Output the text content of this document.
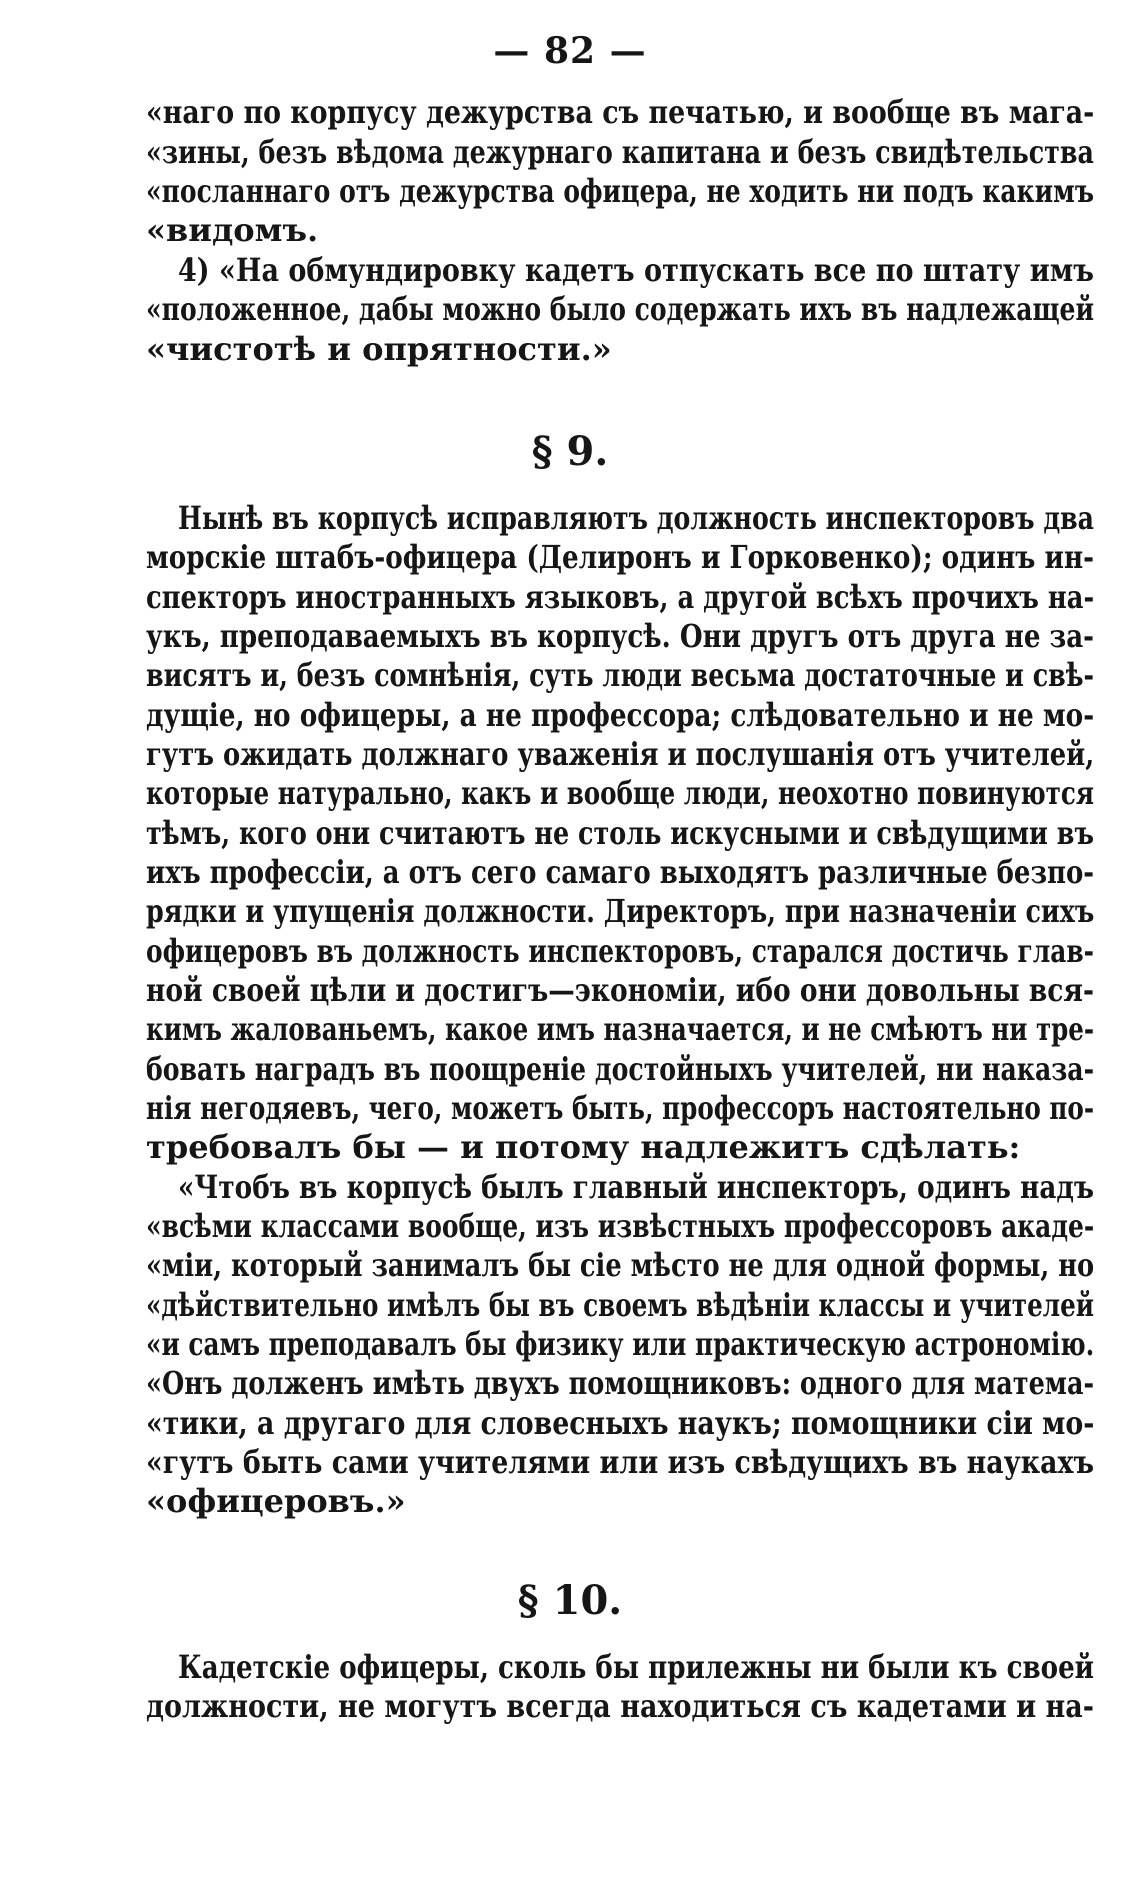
— 82 —
«наго по корпусу дежурства съ печатью, и вообще въ мага-
«зины, безъ вѣдома дежурнаго капитана и безъ свидѣтельства
«посланнаго отъ дежурства офицера, не ходить ни подъ какимъ
«видомъ.
4) «На обмундировку кадетъ отпускать все по штату имъ
«положенное, дабы можно было содержать ихъ въ надлежащей
«чистотѣ и опрятности.»
§ 9.
Нынѣ въ корпусѣ исправляютъ должность инспекторовъ два
морскіе штабъ-офицера (Делиронъ и Горковенко); одинъ ин-
спекторъ иностранныхъ языковъ, а другой всѣхъ прочихъ на-
укъ, преподаваемыхъ въ корпусѣ. Они другъ отъ друга не за-
висятъ и, безъ сомнѣнія, суть люди весьма достаточные и свѣ-
дущіе, но офицеры, а не профессора; слѣдовательно и не мо-
гутъ ожидать должнаго уваженія и послушанія отъ учителей,
которые натурально, какъ и вообще люди, неохотно повинуются
тѣмъ, кого они считаютъ не столь искусными и свѣдущими въ
ихъ профессіи, а отъ сего самаго выходятъ различные безпо-
рядки и упущенія должности. Директоръ, при назначеніи сихъ
офицеровъ въ должность инспекторовъ, старался достичь глав-
ной своей цѣли и достигъ—экономіи, ибо они довольны вся-
кимъ жалованьемъ, какое имъ назначается, и не смѣютъ ни тре-
бовать наградъ въ поощреніе достойныхъ учителей, ни наказа-
нія негодяевъ, чего, можетъ быть, профессоръ настоятельно по-
требовалъ бы — и потому надлежитъ сдѣлать:
«Чтобъ въ корпусѣ былъ главный инспекторъ, одинъ надъ
«всѣми классами вообще, изъ извѣстныхъ профессоровъ акаде-
«міи, который занималъ бы сіе мѣсто не для одной формы, но
«дѣйствительно имѣлъ бы въ своемъ вѣдѣніи классы и учителей
«и самъ преподавалъ бы физику или практическую астрономію.
«Онъ долженъ имѣть двухъ помощниковъ: одного для матема-
«тики, а другаго для словесныхъ наукъ; помощники сіи мо-
«гутъ быть сами учителями или изъ свѣдущихъ въ наукахъ
«офицеровъ.»
§ 10.
Кадетскіе офицеры, сколь бы прилежны ни были къ своей
должности, не могутъ всегда находиться съ кадетами и на-
